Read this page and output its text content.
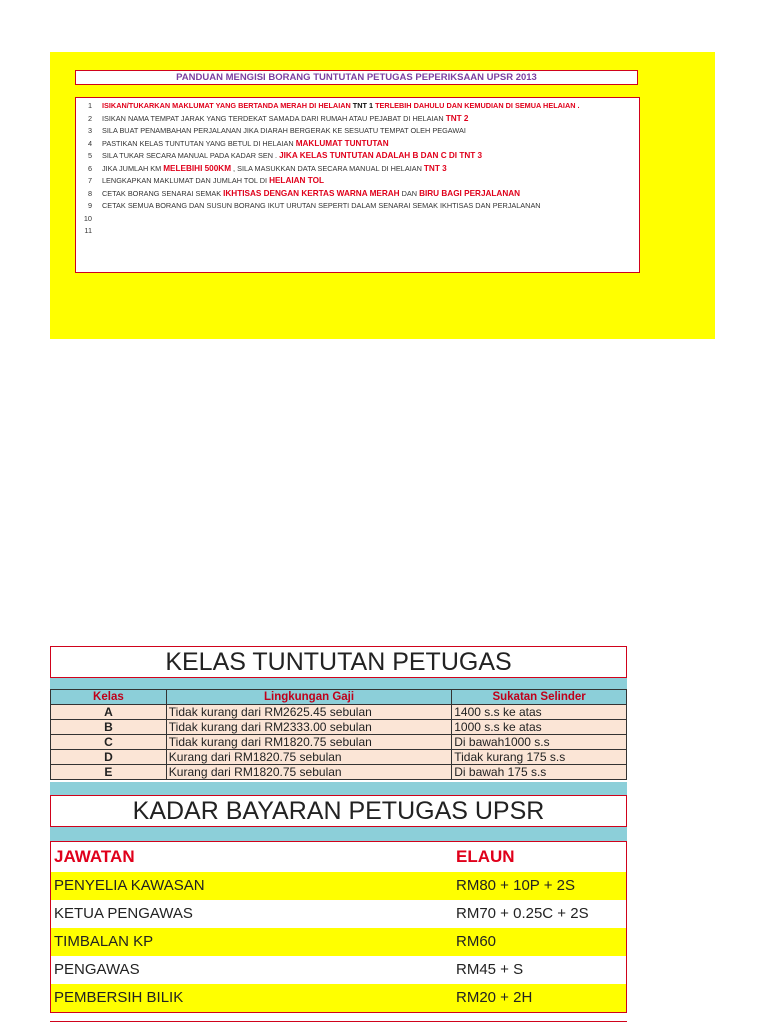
PANDUAN MENGISI BORANG TUNTUTAN PETUGAS PEPERIKSAAN UPSR 2013
1 ISIKAN/TUKARKAN MAKLUMAT YANG BERTANDA MERAH DI HELAIAN TNT 1 TERLEBIH DAHULU DAN KEMUDIAN DI SEMUA HELAIAN .
2 ISIKAN NAMA TEMPAT JARAK YANG TERDEKAT SAMADA DARI RUMAH ATAU PEJABAT DI HELAIAN TNT 2
3 SILA BUAT PENAMBAHAN PERJALANAN JIKA DIARAH BERGERAK KE SESUATU TEMPAT OLEH PEGAWAI
4 PASTIKAN KELAS TUNTUTAN YANG BETUL DI HELAIAN MAKLUMAT TUNTUTAN
5 SILA TUKAR SECARA MANUAL PADA KADAR SEN . JIKA KELAS TUNTUTAN ADALAH B DAN C DI TNT 3
6 JIKA JUMLAH KM MELEBIHI 500KM , SILA MASUKKAN DATA SECARA MANUAL DI HELAIAN TNT 3
7 LENGKAPKAN MAKLUMAT DAN JUMLAH TOL DI HELAIAN TOL
8 CETAK BORANG SENARAI SEMAK IKHTISAS DENGAN KERTAS WARNA MERAH DAN BIRU BAGI PERJALANAN
9 CETAK SEMUA BORANG DAN SUSUN BORANG IKUT URUTAN SEPERTI DALAM SENARAI SEMAK IKHTISAS DAN PERJALANAN
10
11
KELAS TUNTUTAN PETUGAS
Kelas	Lingkungan Gaji	Sukatan Selinder
A	Tidak kurang dari RM2625.45 sebulan	1400 s.s ke atas
B	Tidak kurang dari RM2333.00 sebulan	1000 s.s ke atas
C	Tidak kurang dari RM1820.75 sebulan	Di bawah1000 s.s
D	Kurang dari RM1820.75 sebulan	Tidak kurang 175 s.s
E	Kurang dari RM1820.75 sebulan	Di bawah 175 s.s
KADAR BAYARAN PETUGAS UPSR
JAWATAN	ELAUN
PENYELIA KAWASAN	RM80 + 10P + 2S
KETUA PENGAWAS	RM70 + 0.25C + 2S
TIMBALAN KP	RM60
PENGAWAS	RM45 + S
PEMBERSIH BILIK	RM20 + 2H
